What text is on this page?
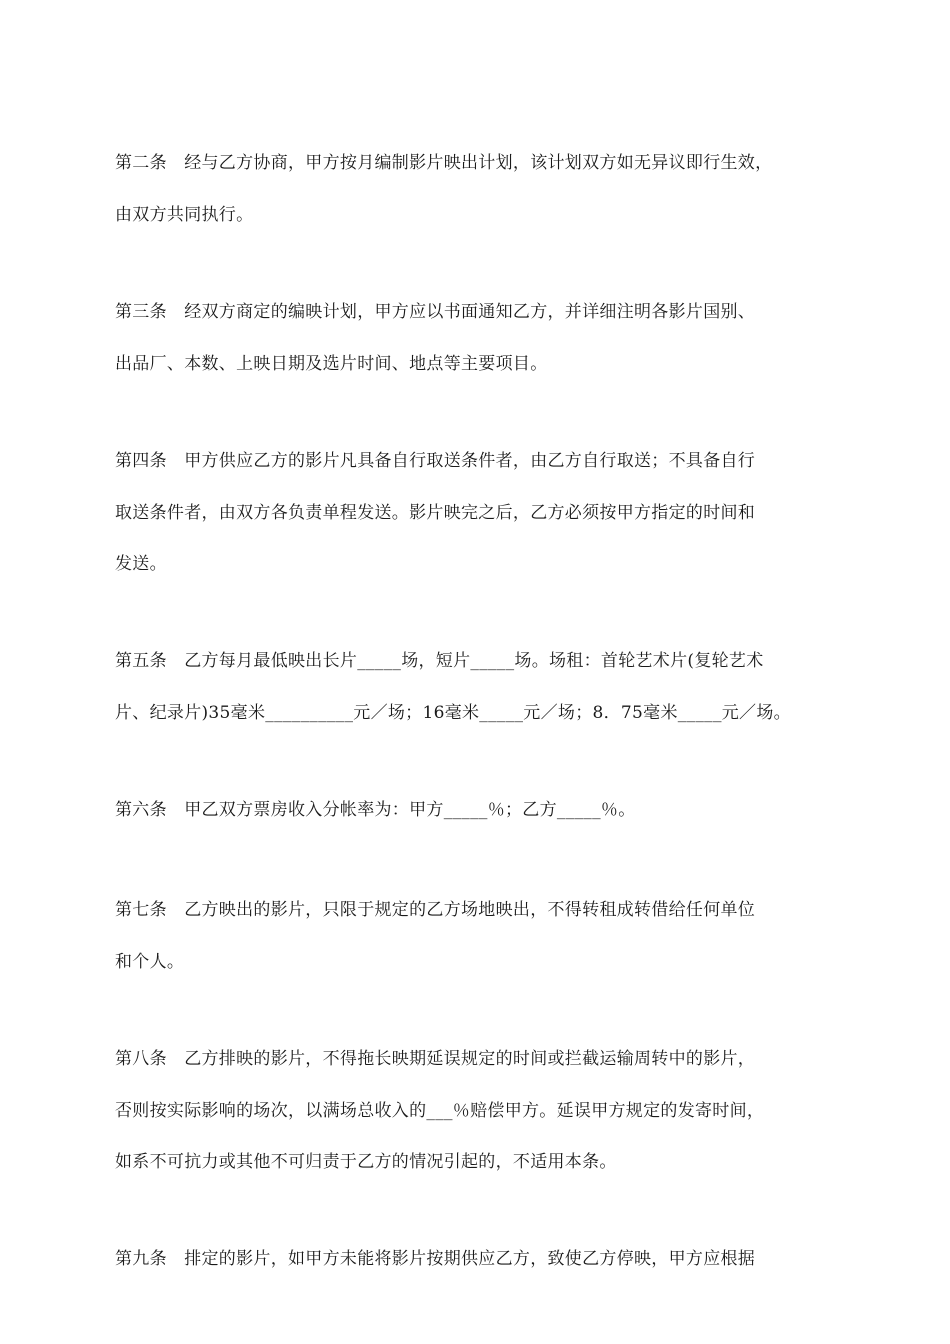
第二条　经与乙方协商，甲方按月编制影片映出计划，该计划双方如无异议即行生效，
由双方共同执行。
第三条　经双方商定的编映计划，甲方应以书面通知乙方，并详细注明各影片国别、
出品厂、本数、上映日期及选片时间、地点等主要项目。
第四条　甲方供应乙方的影片凡具备自行取送条件者，由乙方自行取送；不具备自行
取送条件者，由双方各负责单程发送。影片映完之后，乙方必须按甲方指定的时间和
发送。
第五条　乙方每月最低映出长片_____场，短片_____场。场租：首轮艺术片(复轮艺术
片、纪录片)35毫米__________元／场；16毫米_____元／场；8．75毫米_____元／场。
第六条　甲乙双方票房收入分帐率为：甲方_____％；乙方_____％。
第七条　乙方映出的影片，只限于规定的乙方场地映出，不得转租成转借给任何单位
和个人。
第八条　乙方排映的影片，不得拖长映期延误规定的时间或拦截运输周转中的影片，
否则按实际影响的场次，以满场总收入的___％赔偿甲方。延误甲方规定的发寄时间，
如系不可抗力或其他不可归责于乙方的情况引起的，不适用本条。
第九条　排定的影片，如甲方未能将影片按期供应乙方，致使乙方停映，甲方应根据
